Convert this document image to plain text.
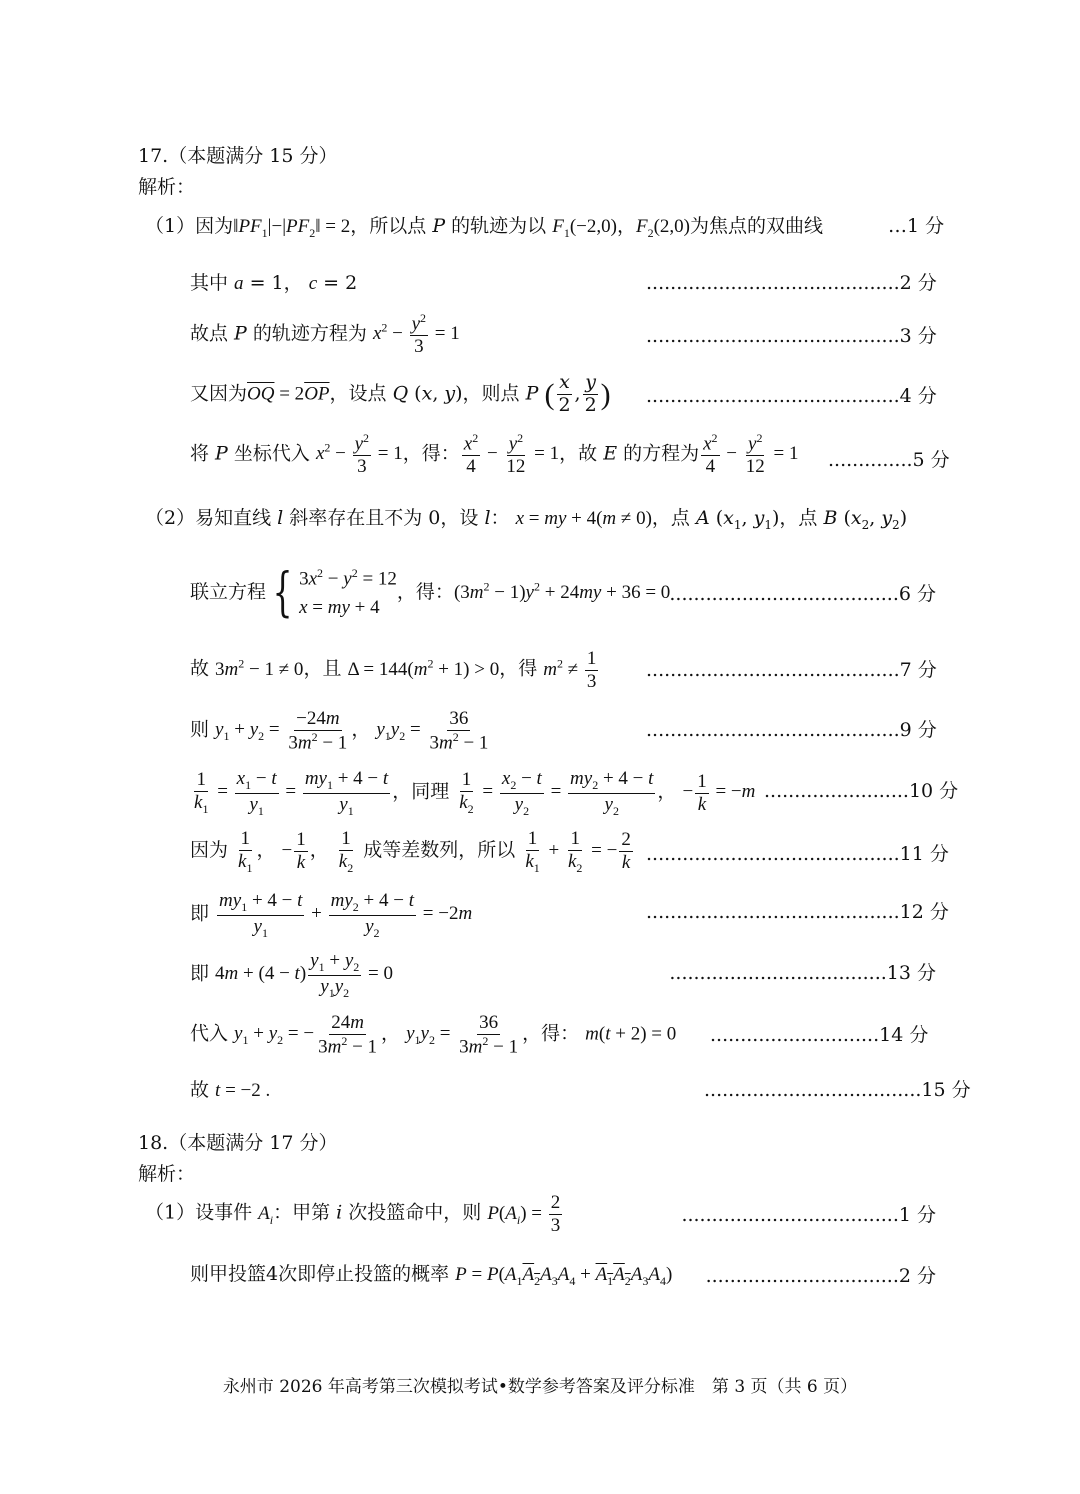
17.（本题满分 15 分）
解析：
（1）因为$‖PF_1|-|PF_2‖ = 2$，所以点 P 的轨迹为以 $F_1(-2,0)$，$F_2(2,0)$为焦点的双曲线	…1 分
其中 a = 1， c = 2	..........................................2 分
故点 P 的轨迹方程为 $x^2 - \frac{y^2}{3} = 1$	..........................................3 分
又因为$\overline{OQ} = 2\overline{OP}$，设点 Q (x, y)，则点 P ( $\frac{x}{2}$ , $\frac{y}{2}$ ) ..........................................4 分
将 P 坐标代入 $x^2 - \frac{y^2}{3} = 1$，得： $\frac{x^2}{4} - \frac{y^2}{12} = 1$，故 E 的方程为 $\frac{x^2}{4} - \frac{y^2}{12} = 1$ ..............5 分
（2）易知直线 l 斜率存在且不为 0，设 l： x = my + 4(m ≠ 0)，点 A ($x_1$, $y_1$)，点 B ($x_2$, $y_2$)
联立方程 { $3x^2 - y^2 = 12$
x = my + 4
，得：$(3m^2 - 1)y^2 + 24my + 36 = 0$ ......................................6 分
故 $3m^2 - 1 \ne 0$，且 $\Delta = 144(m^2 + 1) > 0$，得 $m^2 \ne \frac{1}{3}$	..........................................7 分
则 $y_1 + y_2 = \frac{-24m}{3m^2 - 1}$ ， $y_1y_2 = \frac{36}{3m^2 - 1}$	..........................................9 分
$\frac{1}{k_1} = \frac{x_1 - t}{y_1} = \frac{my_1 + 4 - t}{y_1}$ ，同理 $\frac{1}{k_2} = \frac{x_2 - t}{y_2} = \frac{my_2 + 4 - t}{y_2}$ ， − $\frac{1}{k} = -m$ ........................10 分
因为 $\frac{1}{k_1}$ ， − $\frac{1}{k}$ ， $\frac{1}{k_2}$ 成等差数列，所以 $\frac{1}{k_1} + \frac{1}{k_2}$ = − $\frac{2}{k} ..........................................11$ 分
即 $\frac{my_1 + 4 - t}{y_1} + \frac{my_2 + 4 - t}{y_2} = -2m$	..........................................12 分
即 $4m + (4 - t) \frac{y_1 + y_2}{y_1y_2} = 0$	....................................13 分
代入 $y_1 + y_2$ = − $\frac{24m}{3m^2 - 1}$ ， $y_1y_2 = \frac{36}{3m^2 - 1}$ ，得： m(t + 2) = 0 ............................14 分
故 t = −2 .	....................................15 分
18.（本题满分 17 分）
解析：
（1）设事件 $A_i$：甲第 i 次投篮命中，则 $P(A_i) = \frac{2}{3}$	....................................1 分
则甲投篮4次即停止投篮的概率 $P = P(A_1A_2A_3A_4 + A_1A_2A_3A_4)$	................................2 分
永州市 2026 年高考第三次模拟考试•数学参考答案及评分标准　第 3 页（共 6 页）
